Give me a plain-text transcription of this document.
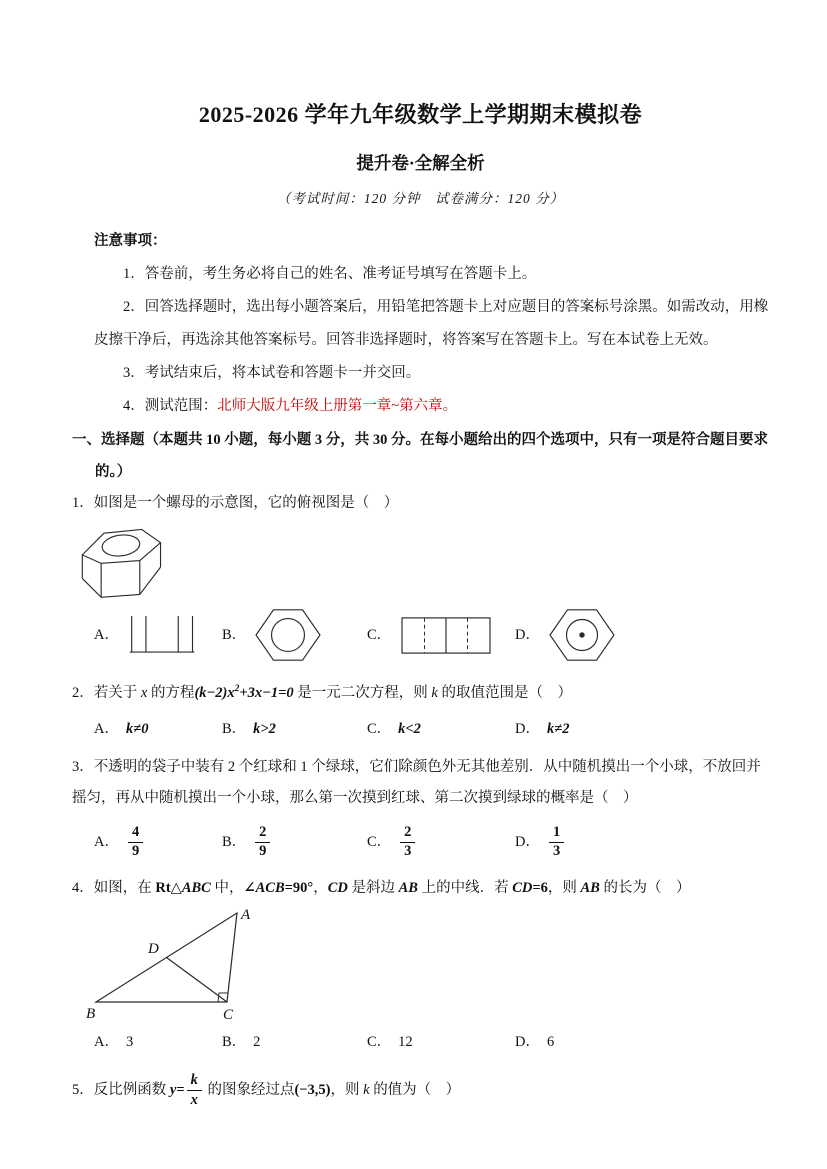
2025-2026 学年九年级数学上学期期末模拟卷

提升卷·全解全析

（考试时间：120 分钟　试卷满分：120 分）

注意事项：

1．答卷前，考生务必将自己的姓名、准考证号填写在答题卡上。

2．回答选择题时，选出每小题答案后，用铅笔把答题卡上对应题目的答案标号涂黑。如需改动，用橡皮擦干净后，再选涂其他答案标号。回答非选择题时，将答案写在答题卡上。写在本试卷上无效。

3．考试结束后，将本试卷和答题卡一并交回。

4．测试范围：北师大版九年级上册第一章~第六章。

一、选择题（本题共 10 小题，每小题 3 分，共 30 分。在每小题给出的四个选项中，只有一项是符合题目要求的。）

1．如图是一个螺母的示意图，它的俯视图是（　）

A．	B．	C．	D．

2．若关于 x 的方程$(k-2)x^2+3x-1=0$ 是一元二次方程，则 k 的取值范围是（　）

A． k≠0	B． k>2	C． k<2	D． k≠2

3．不透明的袋子中装有 2 个红球和 1 个绿球，它们除颜色外无其他差别．从中随机摸出一个小球，不放回并摇匀，再从中随机摸出一个小球，那么第一次摸到红球、第二次摸到绿球的概率是（　）

A． $\frac{4}{9}$	B． $\frac{2}{9}$	C． $\frac{2}{3}$	D． $\frac{1}{3}$

4．如图，在 Rt△ABC 中，∠ACB=90°，CD 是斜边 AB 上的中线．若 CD=6，则 AB 的长为（　）

A
B	C
D
A． 3	B． 2	C． 12	D． 6

5．反比例函数 $y= \frac{k}{x}$ 的图象经过点(−3,5)，则 k 的值为（　）
